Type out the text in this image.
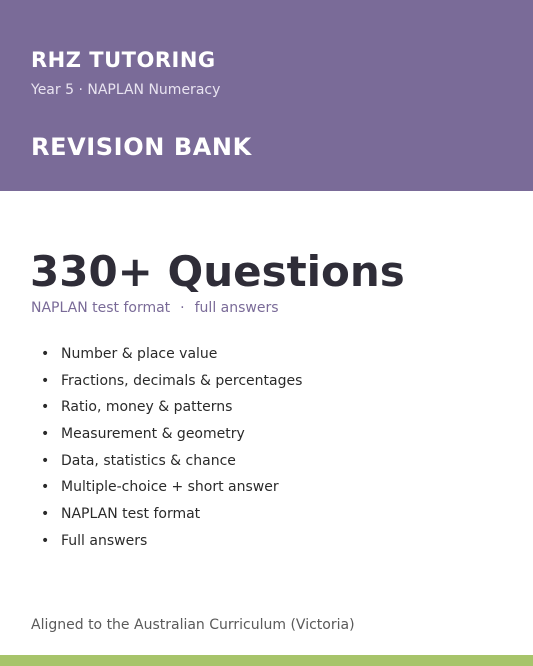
RHZ TUTORING
Year 5 · NAPLAN Numeracy
REVISION BANK
330+ Questions
NAPLAN test format · full answers
• Number & place value
• Fractions, decimals & percentages
• Ratio, money & patterns
• Measurement & geometry
• Data, statistics & chance
• Multiple-choice + short answer
• NAPLAN test format
• Full answers
Aligned to the Australian Curriculum (Victoria)
